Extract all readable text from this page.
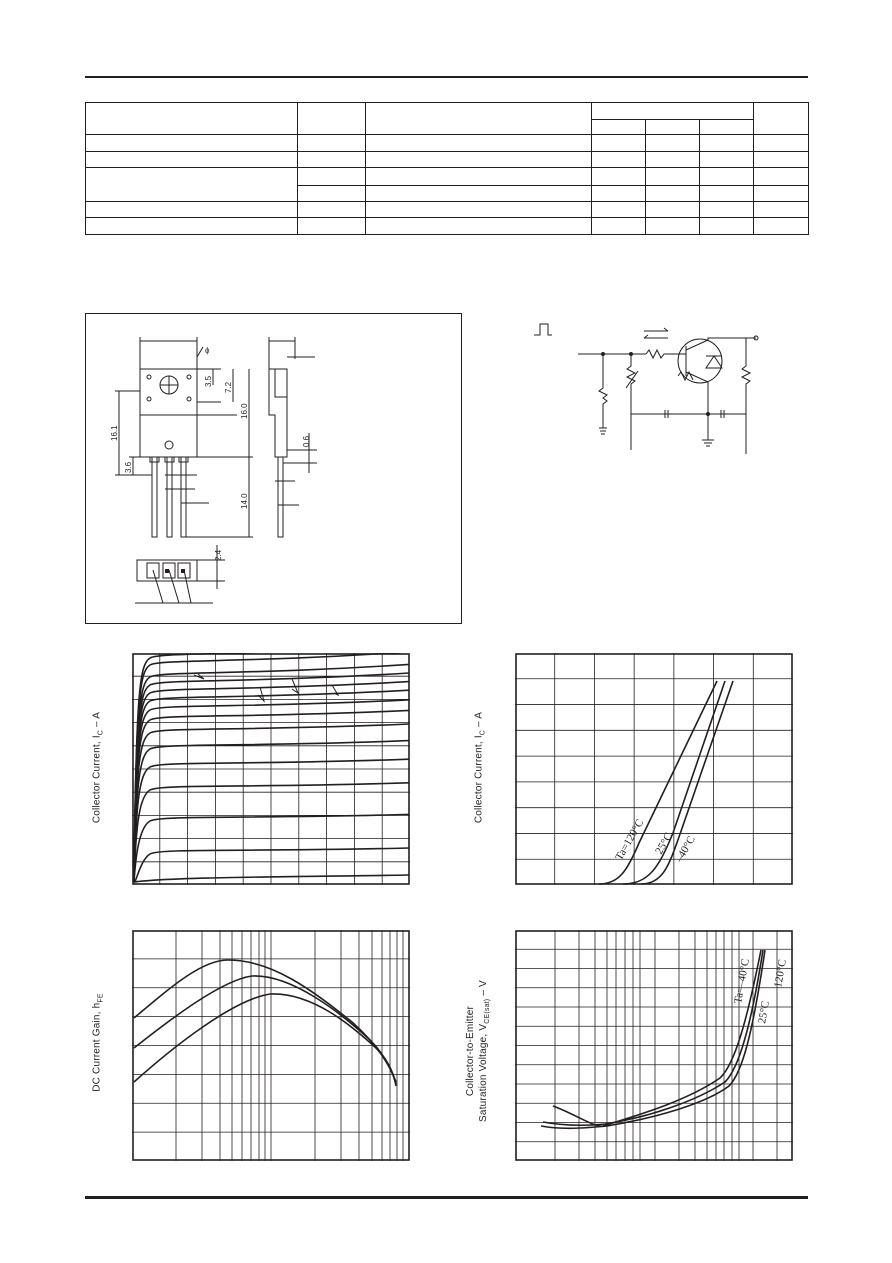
ϕ
3.5
7.2
16.0
16.1
3.6
0.6
14.0
2.4
Collector Current, $I_C$ – A
Collector Current, $I_C$ – A
Ta=120°C 25°C
–40°C
DC Current Gain, $h_{FE}$
Collector-to-Emitter Saturation Voltage, $V_{CE(sat)}$ – V	Ta=–40°C
25°C
120°C
